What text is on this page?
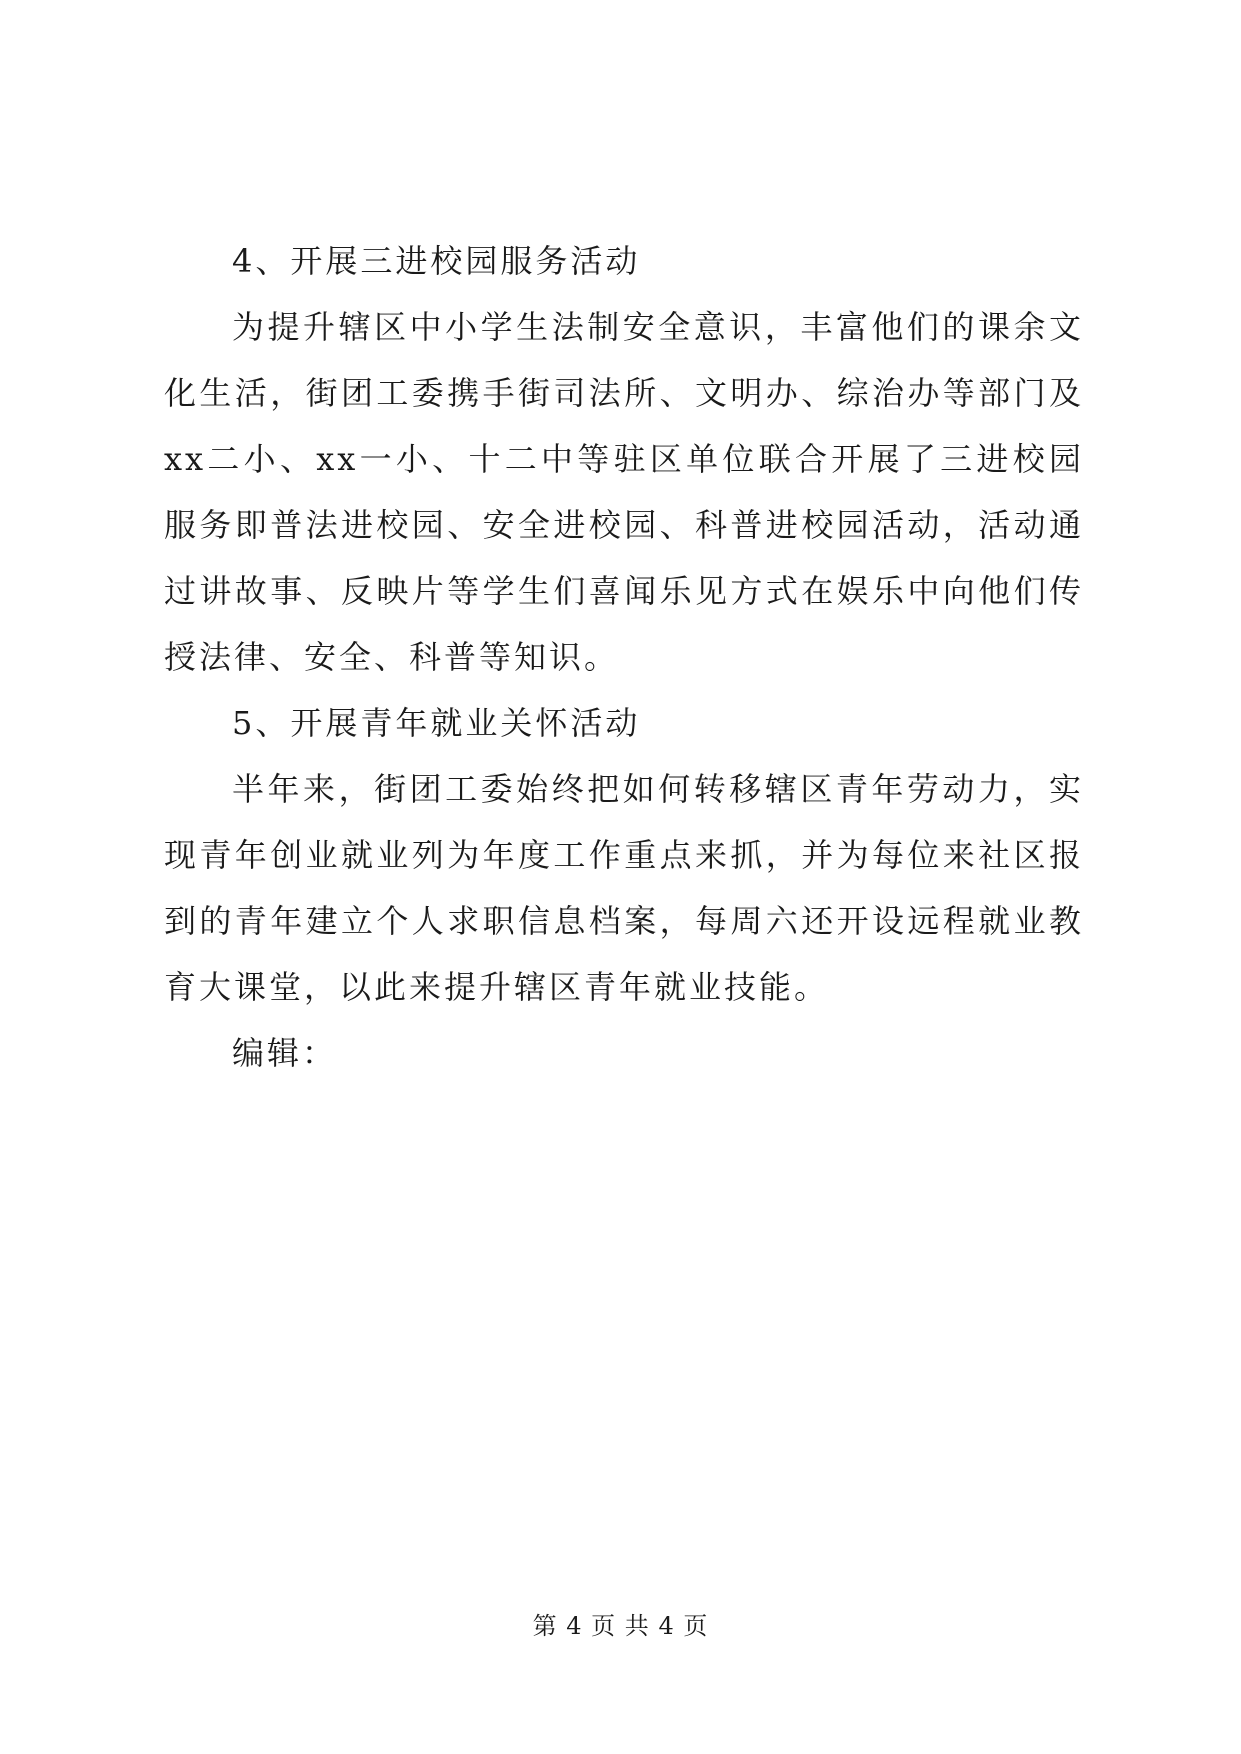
4、开展三进校园服务活动

为提升辖区中小学生法制安全意识，丰富他们的课余文化生活，街团工委携手街司法所、文明办、综治办等部门及xx二小、xx一小、十二中等驻区单位联合开展了三进校园服务即普法进校园、安全进校园、科普进校园活动，活动通过讲故事、反映片等学生们喜闻乐见方式在娱乐中向他们传授法律、安全、科普等知识。

5、开展青年就业关怀活动

半年来，街团工委始终把如何转移辖区青年劳动力，实现青年创业就业列为年度工作重点来抓，并为每位来社区报到的青年建立个人求职信息档案，每周六还开设远程就业教育大课堂，以此来提升辖区青年就业技能。

编辑：

第 4 页 共 4 页
